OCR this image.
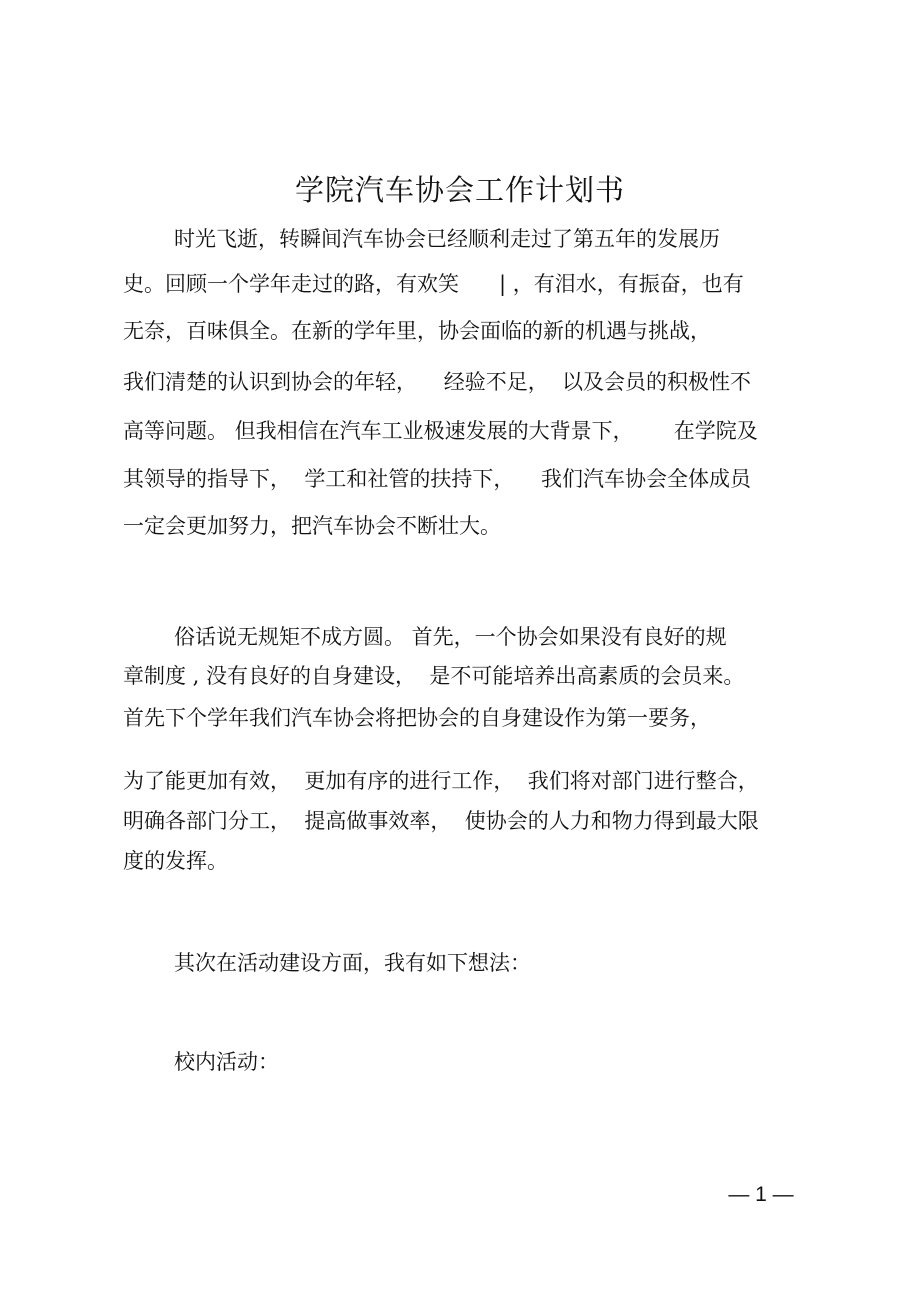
学院汽车协会工作计划书
时光飞逝，转瞬间汽车协会已经顺利走过了第五年的发展历
史。回顾一个学年走过的路，有欢笑      | ，有泪水，有振奋，也有
无奈，百味俱全。在新的学年里，协会面临的新的机遇与挑战，
我们清楚的认识到协会的年轻，    经验不足，  以及会员的积极性不
高等问题。 但我相信在汽车工业极速发展的大背景下，      在学院及
其领导的指导下，  学工和社管的扶持下，    我们汽车协会全体成员
一定会更加努力，把汽车协会不断壮大。
俗话说无规矩不成方圆。 首先，一个协会如果没有良好的规
章制度 , 没有良好的自身建设，  是不可能培养出高素质的会员来。
首先下个学年我们汽车协会将把协会的自身建设作为第一要务，
为了能更加有效，  更加有序的进行工作，  我们将对部门进行整合，
明确各部门分工，  提高做事效率，  使协会的人力和物力得到最大限
度的发挥。
其次在活动建设方面，我有如下想法：
校内活动：
— 1 —
